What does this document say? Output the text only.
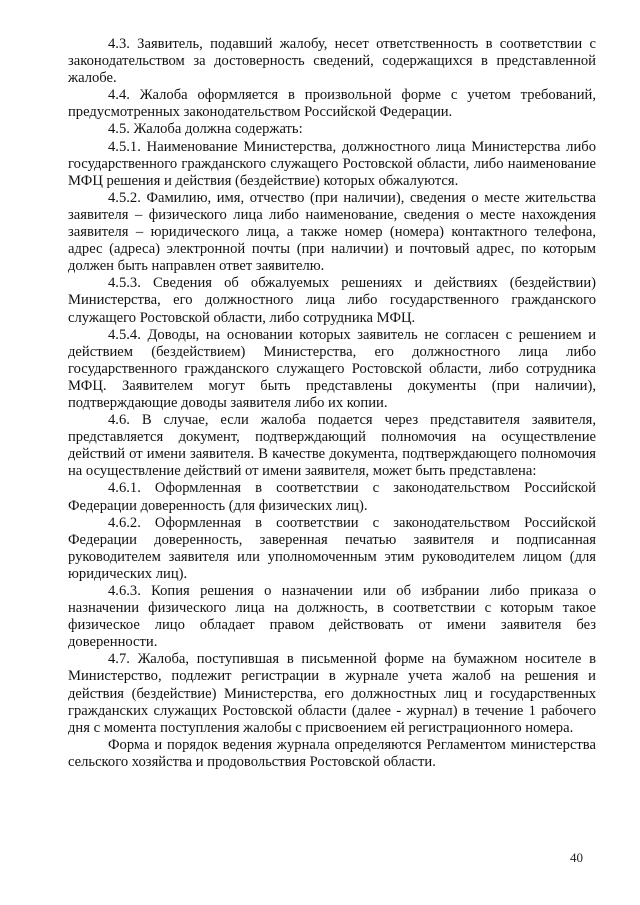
4.3. Заявитель, подавший жалобу, несет ответственность в соответствии с законодательством за достоверность сведений, содержащихся в представленной жалобе.

4.4. Жалоба оформляется в произвольной форме с учетом требований, предусмотренных законодательством Российской Федерации.

4.5. Жалоба должна содержать:

4.5.1. Наименование Министерства, должностного лица Министерства либо государственного гражданского служащего Ростовской области, либо наименование МФЦ решения и действия (бездействие) которых обжалуются.

4.5.2. Фамилию, имя, отчество (при наличии), сведения о месте жительства заявителя – физического лица либо наименование, сведения о месте нахождения заявителя – юридического лица, а также номер (номера) контактного телефона, адрес (адреса) электронной почты (при наличии) и почтовый адрес, по которым должен быть направлен ответ заявителю.

4.5.3. Сведения об обжалуемых решениях и действиях (бездействии) Министерства, его должностного лица либо государственного гражданского служащего Ростовской области, либо сотрудника МФЦ.

4.5.4. Доводы, на основании которых заявитель не согласен с решением и действием (бездействием) Министерства, его должностного лица либо государственного гражданского служащего Ростовской области, либо сотрудника МФЦ. Заявителем могут быть представлены документы (при наличии), подтверждающие доводы заявителя либо их копии.

4.6. В случае, если жалоба подается через представителя заявителя, представляется документ, подтверждающий полномочия на осуществление действий от имени заявителя. В качестве документа, подтверждающего полномочия на осуществление действий от имени заявителя, может быть представлена:

4.6.1. Оформленная в соответствии с законодательством Российской Федерации доверенность (для физических лиц).

4.6.2. Оформленная в соответствии с законодательством Российской Федерации доверенность, заверенная печатью заявителя и подписанная руководителем заявителя или уполномоченным этим руководителем лицом (для юридических лиц).

4.6.3. Копия решения о назначении или об избрании либо приказа о назначении физического лица на должность, в соответствии с которым такое физическое лицо обладает правом действовать от имени заявителя без доверенности.

4.7. Жалоба, поступившая в письменной форме на бумажном носителе в Министерство, подлежит регистрации в журнале учета жалоб на решения и действия (бездействие) Министерства, его должностных лиц и государственных гражданских служащих Ростовской области (далее - журнал) в течение 1 рабочего дня с момента поступления жалобы с присвоением ей регистрационного номера.

Форма и порядок ведения журнала определяются Регламентом министерства сельского хозяйства и продовольствия Ростовской области.

40
